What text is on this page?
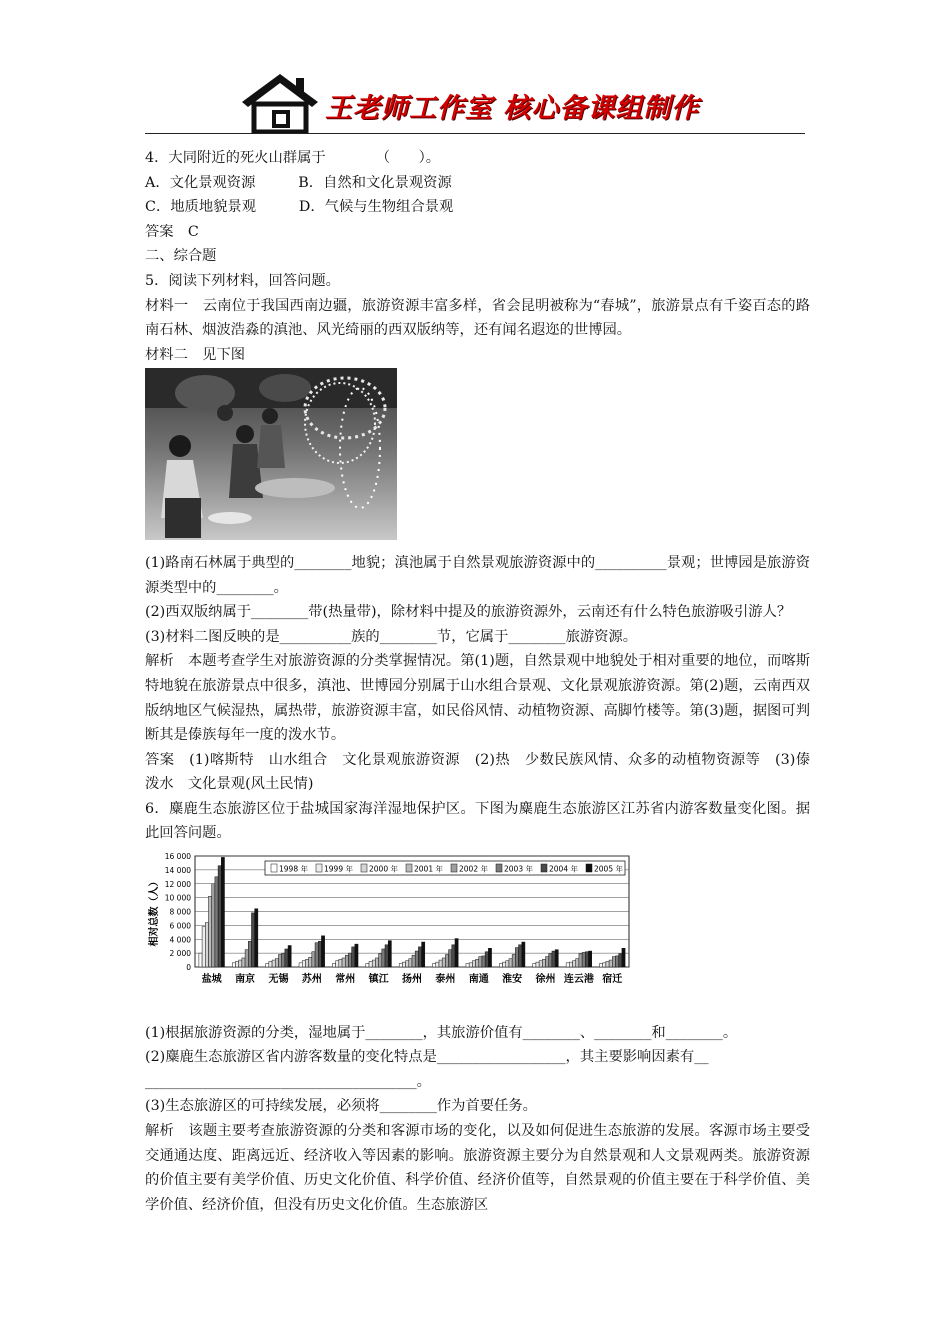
王老师工作室 核心备课组制作
4．大同附近的死火山群属于　　　　（　　）。
A．文化景观资源　　　B．自然和文化景观资源
C．地质地貌景观　　　D．气候与生物组合景观
答案　C
二、综合题
5．阅读下列材料，回答问题。
材料一　云南位于我国西南边疆，旅游资源丰富多样，省会昆明被称为“春城”，旅游景点有千姿百态的路南石林、烟波浩淼的滇池、风光绮丽的西双版纳等，还有闻名遐迩的世博园。
材料二　见下图
(1)路南石林属于典型的________地貌；滇池属于自然景观旅游资源中的__________景观；世博园是旅游资源类型中的________。
(2)西双版纳属于________带(热量带)，除材料中提及的旅游资源外，云南还有什么特色旅游吸引游人？
(3)材料二图反映的是__________族的________节，它属于________旅游资源。
解析　本题考查学生对旅游资源的分类掌握情况。第(1)题，自然景观中地貌处于相对重要的地位，而喀斯特地貌在旅游景点中很多，滇池、世博园分别属于山水组合景观、文化景观旅游资源。第(2)题，云南西双版纳地区气候湿热，属热带，旅游资源丰富，如民俗风情、动植物资源、高脚竹楼等。第(3)题，据图可判断其是傣族每年一度的泼水节。
答案　(1)喀斯特　山水组合　文化景观旅游资源　(2)热　少数民族风情、众多的动植物资源等　(3)傣　泼水　文化景观(风土民情)
6．麋鹿生态旅游区位于盐城国家海洋湿地保护区。下图为麋鹿生态旅游区江苏省内游客数量变化图。据此回答问题。
0
2 000
4 000
6 000
8 000
10 000
12 000
14 000
16 000
相对总数（人）
盐城 南京 无锡 苏州 常州 镇江 扬州 泰州 南通 淮安 徐州 连云港 宿迁
1998 年 1999 年 2000 年 2001 年 2002 年 2003 年 2004 年 2005 年
(1)根据旅游资源的分类，湿地属于________，其旅游价值有________、________和________。
(2)麋鹿生态旅游区省内游客数量的变化特点是__________________，其主要影响因素有__
______________________________________。
(3)生态旅游区的可持续发展，必须将________作为首要任务。
解析　该题主要考查旅游资源的分类和客源市场的变化，以及如何促进生态旅游的发展。客源市场主要受交通通达度、距离远近、经济收入等因素的影响。旅游资源主要分为自然景观和人文景观两类。旅游资源的价值主要有美学价值、历史文化价值、科学价值、经济价值等，自然景观的价值主要在于科学价值、美学价值、经济价值，但没有历史文化价值。生态旅游区
